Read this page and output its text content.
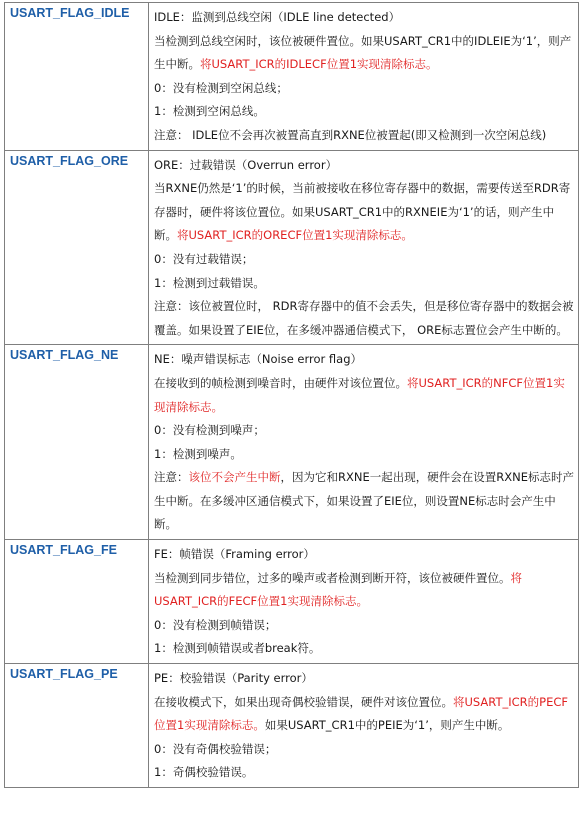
USART_FLAG_IDLE	IDLE：监测到总线空闲（IDLE line detected）

当检测到总线空闲时，该位被硬件置位。如果USART_CR1中的IDLEIE为‘1’，则产生中断。将USART_ICR的IDLECF位置1实现清除标志。

0：没有检测到空闲总线；

1：检测到空闲总线。

注意： IDLE位不会再次被置高直到RXNE位被置起(即又检测到一次空闲总线)

USART_FLAG_ORE	ORE：过载错误（Overrun error）

当RXNE仍然是‘1’的时候，当前被接收在移位寄存器中的数据，需要传送至RDR寄存器时，硬件将该位置位。如果USART_CR1中的RXNEIE为‘1’的话，则产生中断。将USART_ICR的ORECF位置1实现清除标志。

0：没有过载错误；

1：检测到过载错误。

注意：该位被置位时， RDR寄存器中的值不会丢失，但是移位寄存器中的数据会被覆盖。如果设置了EIE位，在多缓冲器通信模式下， ORE标志置位会产生中断的。

USART_FLAG_NE	NE：噪声错误标志（Noise error flag）

在接收到的帧检测到噪音时，由硬件对该位置位。将USART_ICR的NFCF位置1实现清除标志。

0：没有检测到噪声；

1：检测到噪声。

注意：该位不会产生中断，因为它和RXNE一起出现，硬件会在设置RXNE标志时产生中断。在多缓冲区通信模式下，如果设置了EIE位，则设置NE标志时会产生中断。

USART_FLAG_FE	FE：帧错误（Framing error）

当检测到同步错位，过多的噪声或者检测到断开符，该位被硬件置位。将USART_ICR的FECF位置1实现清除标志。

0：没有检测到帧错误；

1：检测到帧错误或者break符。

USART_FLAG_PE	PE：校验错误（Parity error）

在接收模式下，如果出现奇偶校验错误，硬件对该位置位。将USART_ICR的PECF位置1实现清除标志。如果USART_CR1中的PEIE为‘1’，则产生中断。

0：没有奇偶校验错误；

1：奇偶校验错误。
